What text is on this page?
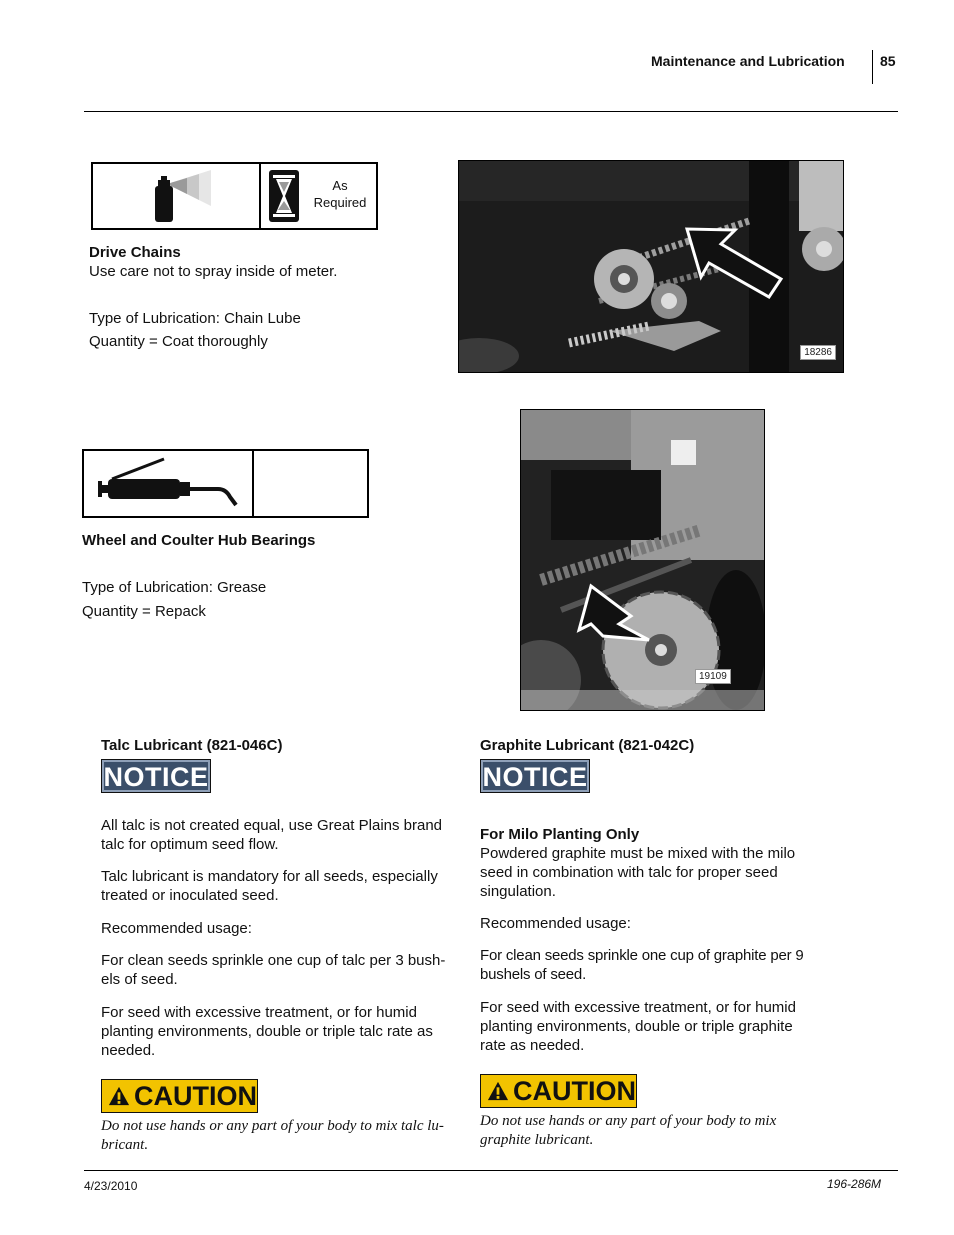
Maintenance and Lubrication	85
As
Required
Drive Chains
Use care not to spray inside of meter.
Type of Lubrication: Chain Lube
Quantity = Coat thoroughly
18286
Wheel and Coulter Hub Bearings
Type of Lubrication: Grease
Quantity = Repack
19109
Talc Lubricant (821-046C)
NOTICE
All talc is not created equal, use Great Plains brand
talc for optimum seed flow.
Talc lubricant is mandatory for all seeds, especially
treated or inoculated seed.
Recommended usage:
For clean seeds sprinkle one cup of talc per 3 bush-
els of seed.
For seed with excessive treatment, or for humid
planting environments, double or triple talc rate as
needed.
CAUTION
Do not use hands or any part of your body to mix talc lu-
bricant.
Graphite Lubricant (821-042C)
NOTICE
For Milo Planting Only
Powdered graphite must be mixed with the milo
seed in combination with talc for proper seed
singulation.
Recommended usage:
For clean seeds sprinkle one cup of graphite per 9
bushels of seed.
For seed with excessive treatment, or for humid
planting environments, double or triple graphite
rate as needed.
CAUTION
Do not use hands or any part of your body to mix
graphite lubricant.
4/23/2010	196-286M
